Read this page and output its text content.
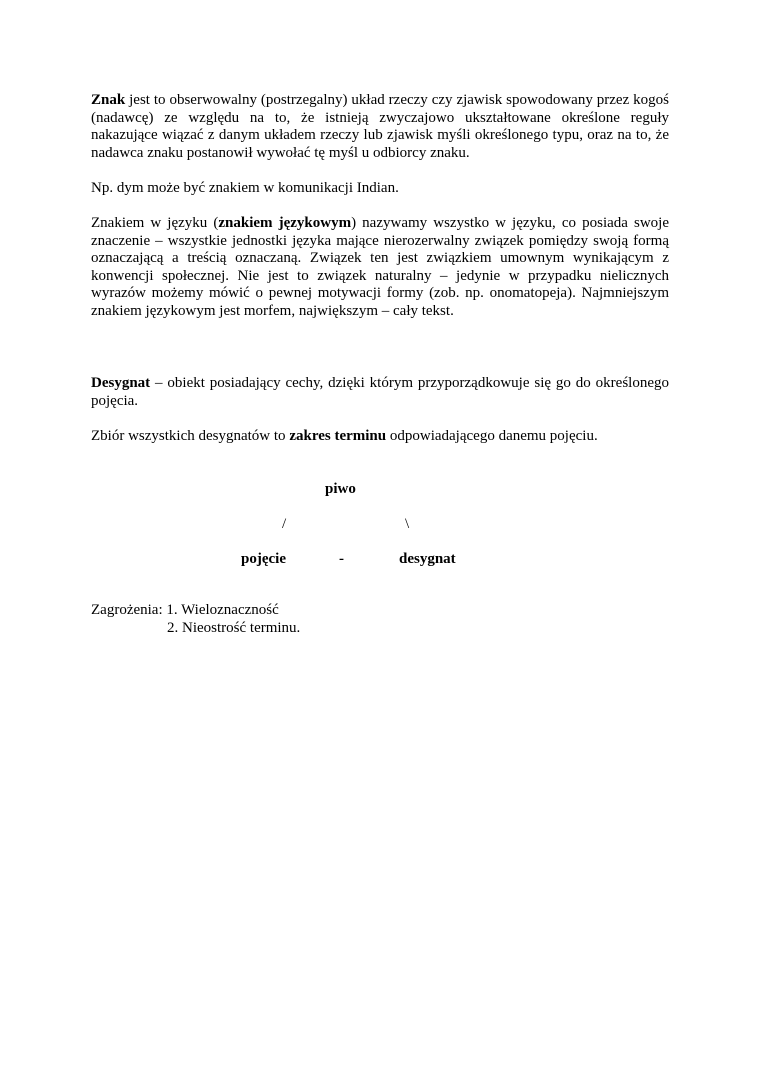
Znak jest to obserwowalny (postrzegalny) układ rzeczy czy zjawisk spowodowany przez kogoś (nadawcę) ze względu na to, że istnieją zwyczajowo ukształtowane określone reguły nakazujące wiązać z danym układem rzeczy lub zjawisk myśli określonego typu, oraz na to, że nadawca znaku postanowił wywołać tę myśl u odbiorcy znaku.

Np. dym może być znakiem w komunikacji Indian.

Znakiem w języku (znakiem językowym) nazywamy wszystko w języku, co posiada swoje znaczenie – wszystkie jednostki języka mające nierozerwalny związek pomiędzy swoją formą oznaczającą a treścią oznaczaną. Związek ten jest związkiem umownym wynikającym z konwencji społecznej. Nie jest to związek naturalny – jedynie w przypadku nielicznych wyrazów możemy mówić o pewnej motywacji formy (zob. np. onomatopeja). Najmniejszym znakiem językowym jest morfem, największym – cały tekst.

Desygnat – obiekt posiadający cechy, dzięki którym przyporządkowuje się go do określonego pojęcia.

Zbiór wszystkich desygnatów to zakres terminu odpowiadającego danemu pojęciu.

piwo
/	\
pojęcie	-	desygnat
Zagrożenia: 1. Wieloznaczność
2. Nieostrość terminu.
